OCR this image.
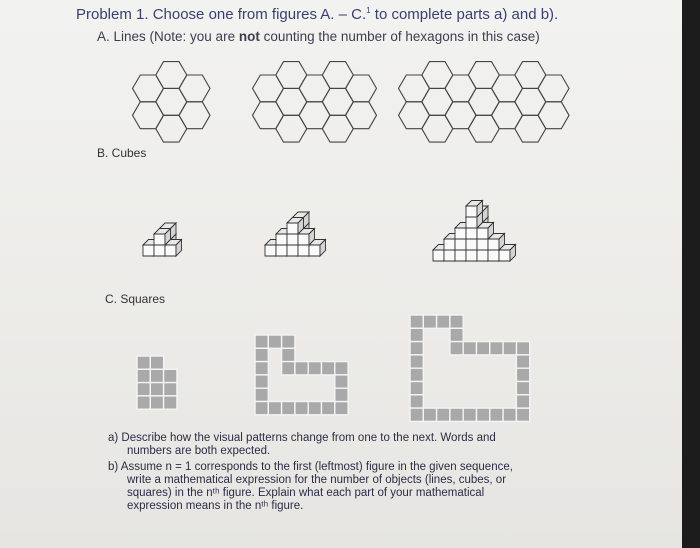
Problem 1. Choose one from figures A. – C.$^1$ to complete parts a) and b).
A. Lines (Note: you are not counting the number of hexagons in this case)
B. Cubes
C. Squares
a) Describe how the visual patterns change from one to the next. Words and
numbers are both expected.
b) Assume n = 1 corresponds to the first (leftmost) figure in the given sequence,
write a mathematical expression for the number of objects (lines, cubes, or
squares) in the nᵗʰ figure. Explain what each part of your mathematical
expression means in the nᵗʰ figure.
